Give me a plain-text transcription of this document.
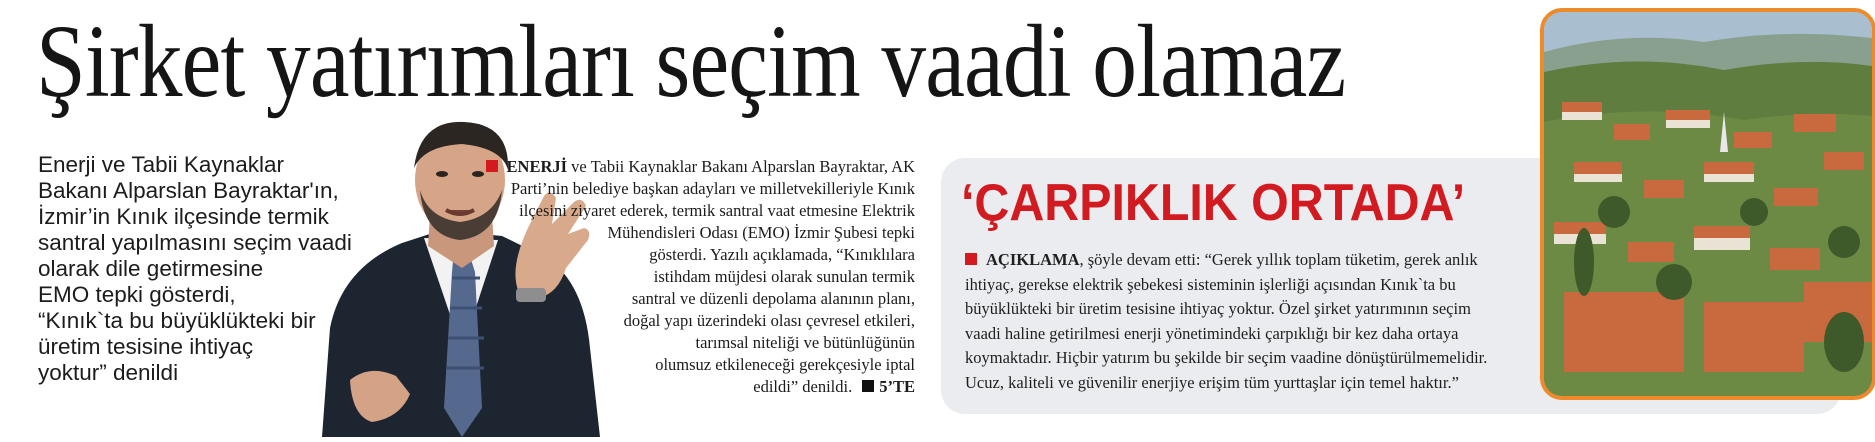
Şirket yatırımları seçim vaadi olamaz
Enerji ve Tabii Kaynaklar
Bakanı Alparslan Bayraktar'ın,
İzmir’in Kınık ilçesinde termik
santral yapılmasını seçim vaadi
olarak dile getirmesine
EMO tepki gösterdi,
“Kınık`ta bu büyüklükteki bir
üretim tesisine ihtiyaç
yoktur” denildi
ENERJİ ve Tabii Kaynaklar Bakanı Alparslan Bayraktar, AK
Parti’nin belediye başkan adayları ve milletvekilleriyle Kınık
ilçesini ziyaret ederek, termik santral vaat etmesine Elektrik
Mühendisleri Odası (EMO) İzmir Şubesi tepki
gösterdi. Yazılı açıklamada, “Kınıklılara
istihdam müjdesi olarak sunulan termik
santral ve düzenli depolama alanının planı,
doğal yapı üzerindeki olası çevresel etkileri,
tarımsal niteliği ve bütünlüğünün
olumsuz etkileneceği gerekçesiyle iptal
edildi” denildi. 5’TE
‘ÇARPIKLIK ORTADA’
AÇIKLAMA, şöyle devam etti: “Gerek yıllık toplam tüketim, gerek anlık
ihtiyaç, gerekse elektrik şebekesi sisteminin işlerliği açısından Kınık`ta bu
büyüklükteki bir üretim tesisine ihtiyaç yoktur. Özel şirket yatırımının seçim
vaadi haline getirilmesi enerji yönetimindeki çarpıklığı bir kez daha ortaya
koymaktadır. Hiçbir yatırım bu şekilde bir seçim vaadine dönüştürülmemelidir.
Ucuz, kaliteli ve güvenilir enerjiye erişim tüm yurttaşlar için temel haktır.”
